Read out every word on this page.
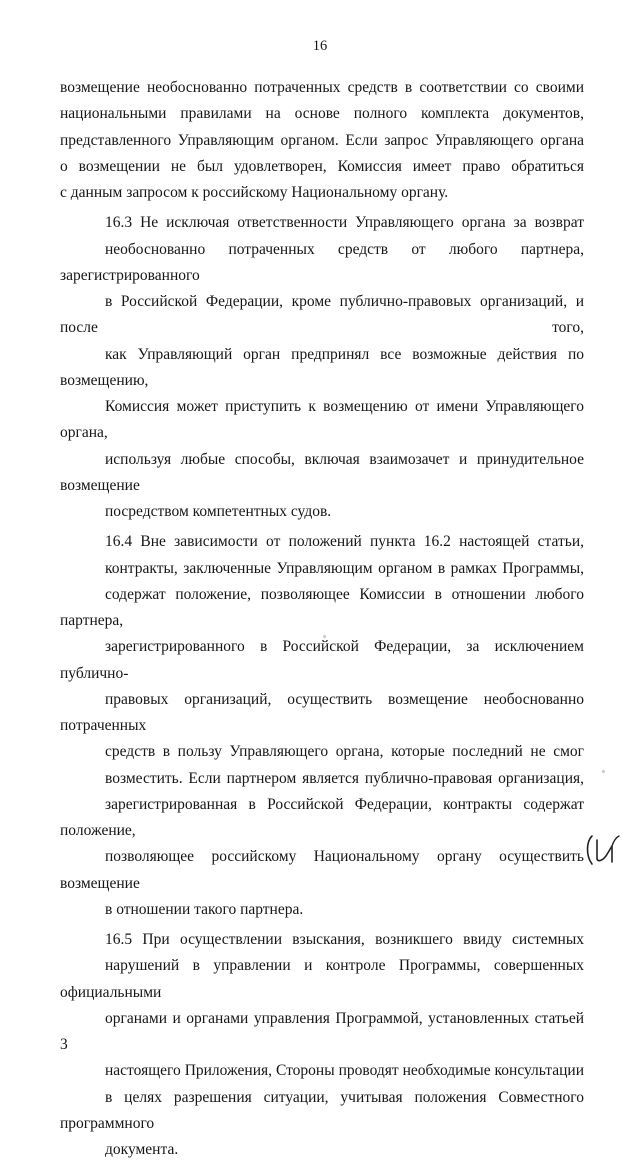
16

возмещение необоснованно потраченных средств в соответствии со своими
национальными правилами на основе полного комплекта документов,
представленного Управляющим органом. Если запрос Управляющего органа
о возмещении не был удовлетворен, Комиссия имеет право обратиться
с данным запросом к российскому Национальному органу.

16.3 Не исключая ответственности Управляющего органа за возврат
необоснованно потраченных средств от любого партнера, зарегистрированного
в Российской Федерации, кроме публично-правовых организаций, и после того,
как Управляющий орган предпринял все возможные действия по возмещению,
Комиссия может приступить к возмещению от имени Управляющего органа,
используя любые способы, включая взаимозачет и принудительное возмещение
посредством компетентных судов.

16.4 Вне зависимости от положений пункта 16.2 настоящей статьи,
контракты, заключенные Управляющим органом в рамках Программы,
содержат положение, позволяющее Комиссии в отношении любого партнера,
зарегистрированного в Российской Федерации, за исключением публично-
правовых организаций, осуществить возмещение необоснованно потраченных
средств в пользу Управляющего органа, которые последний не смог
возместить. Если партнером является публично-правовая организация,
зарегистрированная в Российской Федерации, контракты содержат положение,
позволяющее российскому Национальному органу осуществить возмещение
в отношении такого партнера.

16.5 При осуществлении взыскания, возникшего ввиду системных
нарушений в управлении и контроле Программы, совершенных официальными
органами и органами управления Программой, установленных статьей 3
настоящего Приложения, Стороны проводят необходимые консультации
в целях разрешения ситуации, учитывая положения Совместного программного
документа.
